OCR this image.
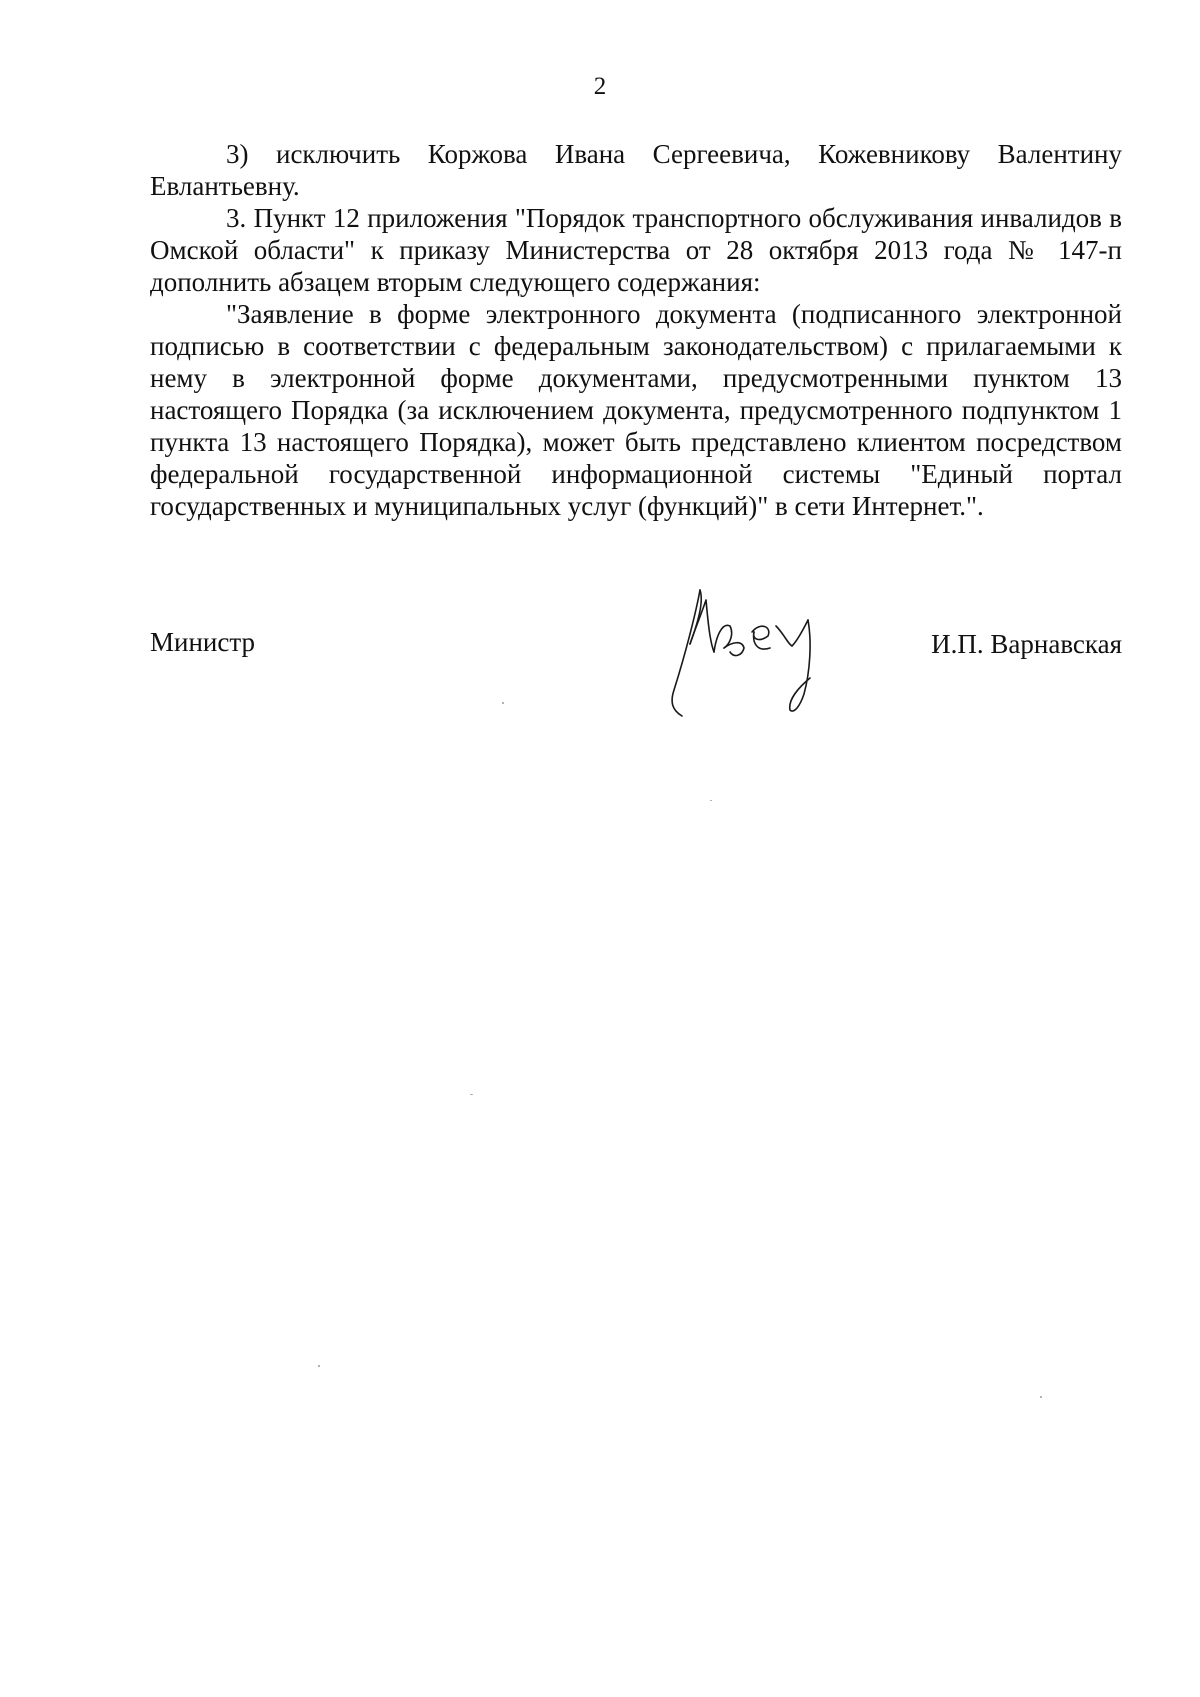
2

3) исключить Коржова Ивана Сергеевича, Кожевникову Валентину Евлантьевну.

3. Пункт 12 приложения "Порядок транспортного обслуживания инвалидов в Омской области" к приказу Министерства от 28 октября 2013 года № 147-п дополнить абзацем вторым следующего содержания:

"Заявление в форме электронного документа (подписанного электронной подписью в соответствии с федеральным законодательством) с прилагаемыми к нему в электронной форме документами, предусмотренными пунктом 13 настоящего Порядка (за исключением документа, предусмотренного подпунктом 1 пункта 13 настоящего Порядка), может быть представлено клиентом посредством федеральной государственной информационной системы "Единый портал государственных и муниципальных услуг (функций)" в сети Интернет.".

Министр	И.П. Варнавская
